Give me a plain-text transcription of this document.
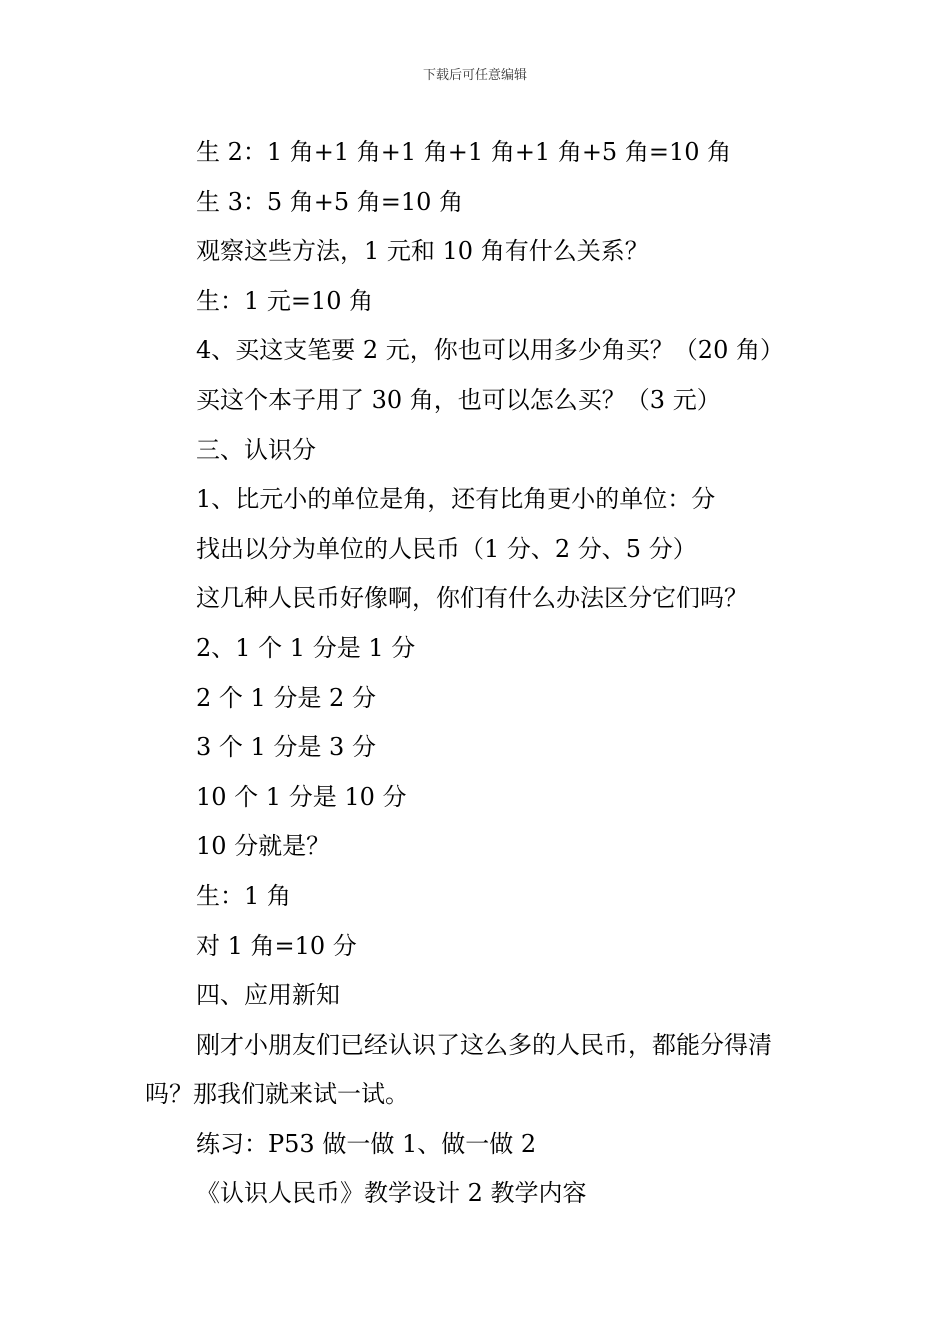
下载后可任意编辑
生 2：1 角+1 角+1 角+1 角+1 角+5 角=10 角
生 3：5 角+5 角=10 角
观察这些方法，1 元和 10 角有什么关系？
生：1 元=10 角
4、买这支笔要 2 元，你也可以用多少角买？（20 角）
买这个本子用了 30 角，也可以怎么买？（3 元）
三、认识分
1、比元小的单位是角，还有比角更小的单位：分
找出以分为单位的人民币（1 分、2 分、5 分）
这几种人民币好像啊，你们有什么办法区分它们吗？
2、1 个 1 分是 1 分
2 个 1 分是 2 分
3 个 1 分是 3 分
10 个 1 分是 10 分
10 分就是？
生：1 角
对 1 角=10 分
四、应用新知
刚才小朋友们已经认识了这么多的人民币，都能分得清吗？那我们就来试一试。
练习：P53 做一做 1、做一做 2
《认识人民币》教学设计 2 教学内容
